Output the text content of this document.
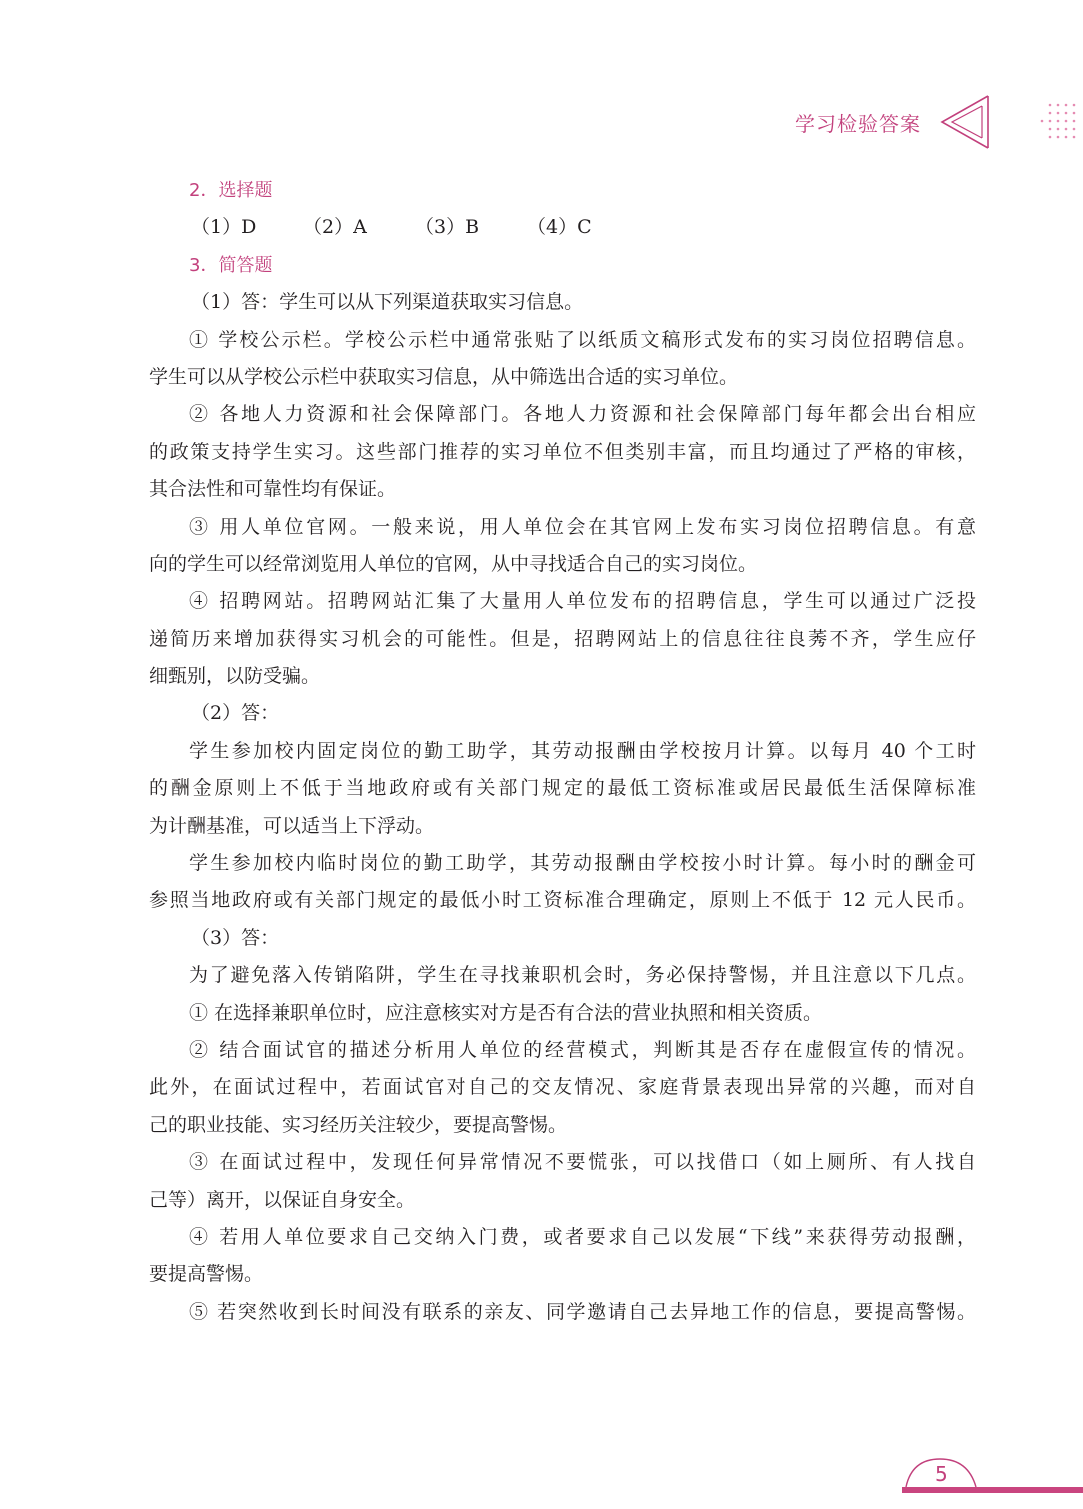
学习检验答案
2．选择题
（1）D （2）A	（3）B	（4）C
3．简答题
（1）答：学生可以从下列渠道获取实习信息。
① 学校公示栏。学校公示栏中通常张贴了以纸质文稿形式发布的实习岗位招聘信息。
学生可以从学校公示栏中获取实习信息，从中筛选出合适的实习单位。
② 各地人力资源和社会保障部门。各地人力资源和社会保障部门每年都会出台相应
的政策支持学生实习。这些部门推荐的实习单位不但类别丰富，而且均通过了严格的审核，
其合法性和可靠性均有保证。
③ 用人单位官网。一般来说，用人单位会在其官网上发布实习岗位招聘信息。有意
向的学生可以经常浏览用人单位的官网，从中寻找适合自己的实习岗位。
④ 招聘网站。招聘网站汇集了大量用人单位发布的招聘信息，学生可以通过广泛投
递简历来增加获得实习机会的可能性。但是，招聘网站上的信息往往良莠不齐，学生应仔
细甄别，以防受骗。
（2）答：
学生参加校内固定岗位的勤工助学，其劳动报酬由学校按月计算。以每月 40 个工时
的酬金原则上不低于当地政府或有关部门规定的最低工资标准或居民最低生活保障标准
为计酬基准，可以适当上下浮动。
学生参加校内临时岗位的勤工助学，其劳动报酬由学校按小时计算。每小时的酬金可
参照当地政府或有关部门规定的最低小时工资标准合理确定，原则上不低于 12 元人民币。
（3）答：
为了避免落入传销陷阱，学生在寻找兼职机会时，务必保持警惕，并且注意以下几点。
① 在选择兼职单位时，应注意核实对方是否有合法的营业执照和相关资质。
② 结合面试官的描述分析用人单位的经营模式，判断其是否存在虚假宣传的情况。
此外，在面试过程中，若面试官对自己的交友情况、家庭背景表现出异常的兴趣，而对自
己的职业技能、实习经历关注较少，要提高警惕。
③ 在面试过程中，发现任何异常情况不要慌张，可以找借口（如上厕所、有人找自
己等）离开，以保证自身安全。
④ 若用人单位要求自己交纳入门费，或者要求自己以发展“下线”来获得劳动报酬，
要提高警惕。
⑤ 若突然收到长时间没有联系的亲友、同学邀请自己去异地工作的信息，要提高警惕。
5
